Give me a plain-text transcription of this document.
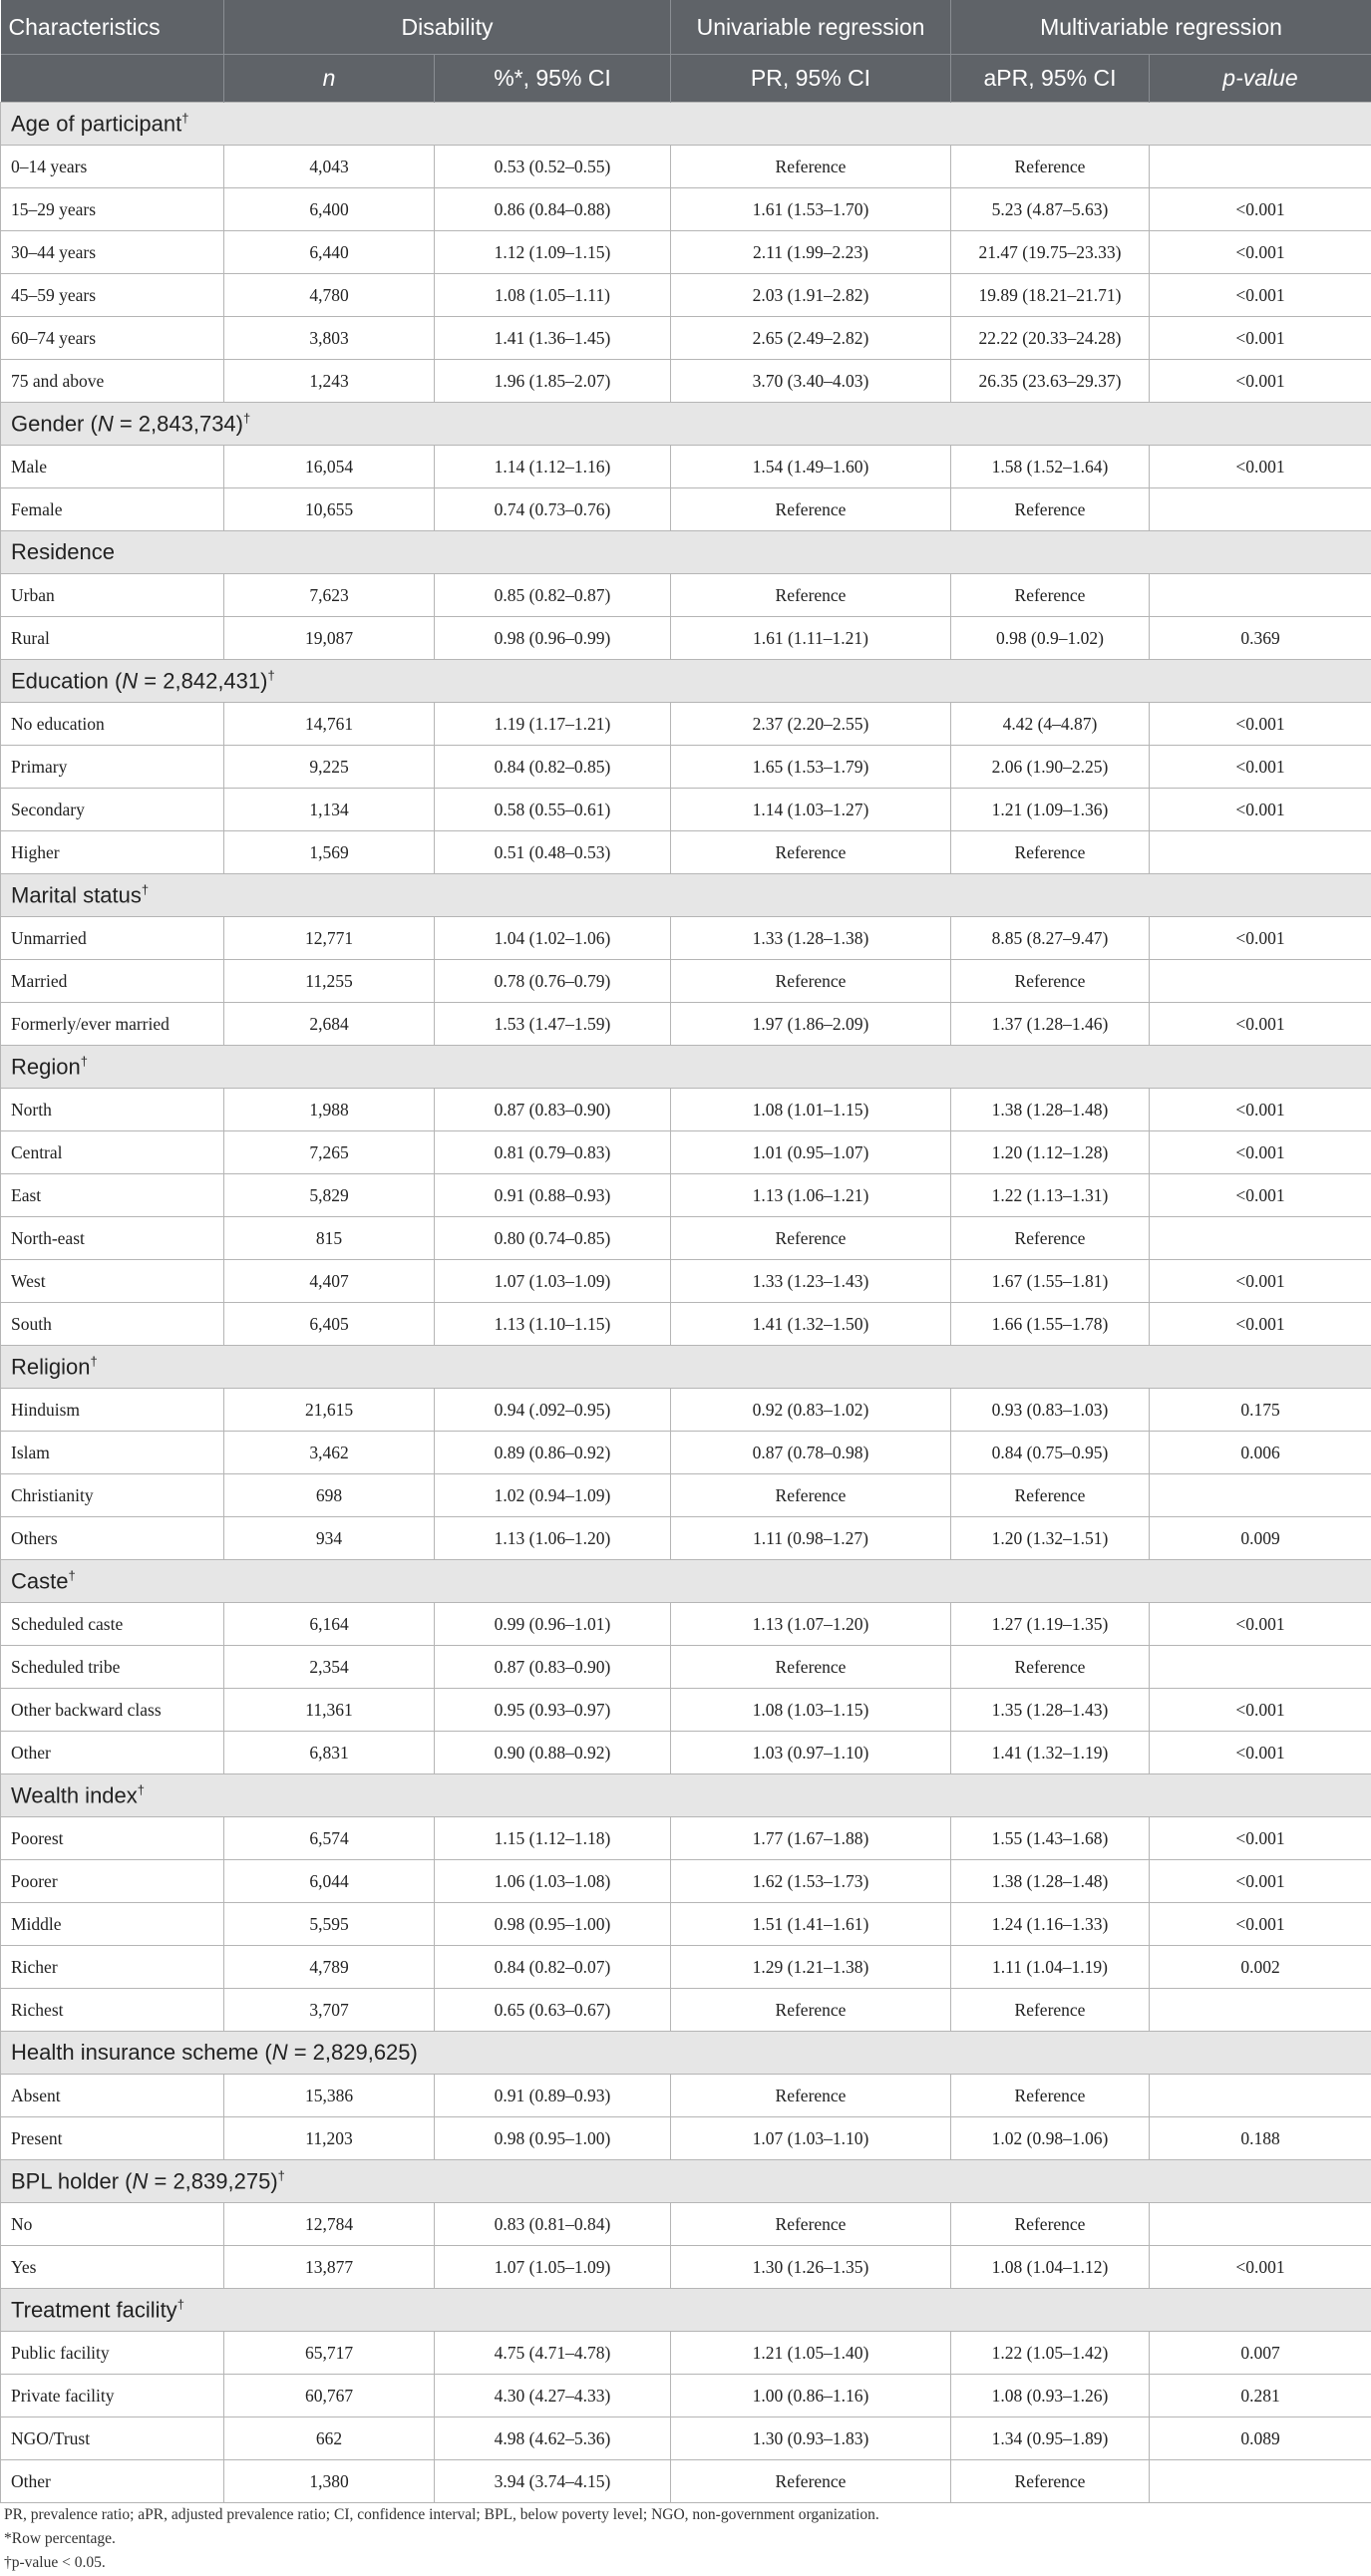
Characteristics	Disability		Univariable regression	Multivariable regression	
	n	%*, 95% CI	PR, 95% CI	aPR, 95% CI	p-value
Age of participant†
0–14 years	4,043	0.53 (0.52–0.55)	Reference	Reference	
15–29 years	6,400	0.86 (0.84–0.88)	1.61 (1.53–1.70)	5.23 (4.87–5.63)	<0.001
30–44 years	6,440	1.12 (1.09–1.15)	2.11 (1.99–2.23)	21.47 (19.75–23.33)	<0.001
45–59 years	4,780	1.08 (1.05–1.11)	2.03 (1.91–2.82)	19.89 (18.21–21.71)	<0.001
60–74 years	3,803	1.41 (1.36–1.45)	2.65 (2.49–2.82)	22.22 (20.33–24.28)	<0.001
75 and above	1,243	1.96 (1.85–2.07)	3.70 (3.40–4.03)	26.35 (23.63–29.37)	<0.001
Gender (N = 2,843,734)†
Male	16,054	1.14 (1.12–1.16)	1.54 (1.49–1.60)	1.58 (1.52–1.64)	<0.001
Female	10,655	0.74 (0.73–0.76)	Reference	Reference	
Residence					
Urban	7,623	0.85 (0.82–0.87)	Reference	Reference	
Rural	19,087	0.98 (0.96–0.99)	1.61 (1.11–1.21)	0.98 (0.9–1.02)	0.369
Education (N = 2,842,431)†
No education	14,761	1.19 (1.17–1.21)	2.37 (2.20–2.55)	4.42 (4–4.87)	<0.001
Primary	9,225	0.84 (0.82–0.85)	1.65 (1.53–1.79)	2.06 (1.90–2.25)	<0.001
Secondary	1,134	0.58 (0.55–0.61)	1.14 (1.03–1.27)	1.21 (1.09–1.36)	<0.001
Higher	1,569	0.51 (0.48–0.53)	Reference	Reference	
Marital status†
Unmarried	12,771	1.04 (1.02–1.06)	1.33 (1.28–1.38)	8.85 (8.27–9.47)	<0.001
Married	11,255	0.78 (0.76–0.79)	Reference	Reference	
Formerly/ever married	2,684	1.53 (1.47–1.59)	1.97 (1.86–2.09)	1.37 (1.28–1.46)	<0.001
Region†
North	1,988	0.87 (0.83–0.90)	1.08 (1.01–1.15)	1.38 (1.28–1.48)	<0.001
Central	7,265	0.81 (0.79–0.83)	1.01 (0.95–1.07)	1.20 (1.12–1.28)	<0.001
East	5,829	0.91 (0.88–0.93)	1.13 (1.06–1.21)	1.22 (1.13–1.31)	<0.001
North-east	815	0.80 (0.74–0.85)	Reference	Reference	
West	4,407	1.07 (1.03–1.09)	1.33 (1.23–1.43)	1.67 (1.55–1.81)	<0.001
South	6,405	1.13 (1.10–1.15)	1.41 (1.32–1.50)	1.66 (1.55–1.78)	<0.001
Religion†
Hinduism	21,615	0.94 (.092–0.95)	0.92 (0.83–1.02)	0.93 (0.83–1.03)	0.175
Islam	3,462	0.89 (0.86–0.92)	0.87 (0.78–0.98)	0.84 (0.75–0.95)	0.006
Christianity	698	1.02 (0.94–1.09)	Reference	Reference	
Others	934	1.13 (1.06–1.20)	1.11 (0.98–1.27)	1.20 (1.32–1.51)	0.009
Caste†
Scheduled caste	6,164	0.99 (0.96–1.01)	1.13 (1.07–1.20)	1.27 (1.19–1.35)	<0.001
Scheduled tribe	2,354	0.87 (0.83–0.90)	Reference	Reference	
Other backward class	11,361	0.95 (0.93–0.97)	1.08 (1.03–1.15)	1.35 (1.28–1.43)	<0.001
Other	6,831	0.90 (0.88–0.92)	1.03 (0.97–1.10)	1.41 (1.32–1.19)	<0.001
Wealth index†
Poorest	6,574	1.15 (1.12–1.18)	1.77 (1.67–1.88)	1.55 (1.43–1.68)	<0.001
Poorer	6,044	1.06 (1.03–1.08)	1.62 (1.53–1.73)	1.38 (1.28–1.48)	<0.001
Middle	5,595	0.98 (0.95–1.00)	1.51 (1.41–1.61)	1.24 (1.16–1.33)	<0.001
Richer	4,789	0.84 (0.82–0.07)	1.29 (1.21–1.38)	1.11 (1.04–1.19)	0.002
Richest	3,707	0.65 (0.63–0.67)	Reference	Reference	
Health insurance scheme (N = 2,829,625)					
Absent	15,386	0.91 (0.89–0.93)	Reference	Reference	
Present	11,203	0.98 (0.95–1.00)	1.07 (1.03–1.10)	1.02 (0.98–1.06)	0.188
BPL holder (N = 2,839,275)†
No	12,784	0.83 (0.81–0.84)	Reference	Reference	
Yes	13,877	1.07 (1.05–1.09)	1.30 (1.26–1.35)	1.08 (1.04–1.12)	<0.001
Treatment facility†
Public facility	65,717	4.75 (4.71–4.78)	1.21 (1.05–1.40)	1.22 (1.05–1.42)	0.007
Private facility	60,767	4.30 (4.27–4.33)	1.00 (0.86–1.16)	1.08 (0.93–1.26)	0.281
NGO/Trust	662	4.98 (4.62–5.36)	1.30 (0.93–1.83)	1.34 (0.95–1.89)	0.089
Other	1,380	3.94 (3.74–4.15)	Reference	Reference	
PR, prevalence ratio; aPR, adjusted prevalence ratio; CI, confidence interval; BPL, below poverty level; NGO, non-government organization.
*Row percentage.
†p-value < 0.05.
